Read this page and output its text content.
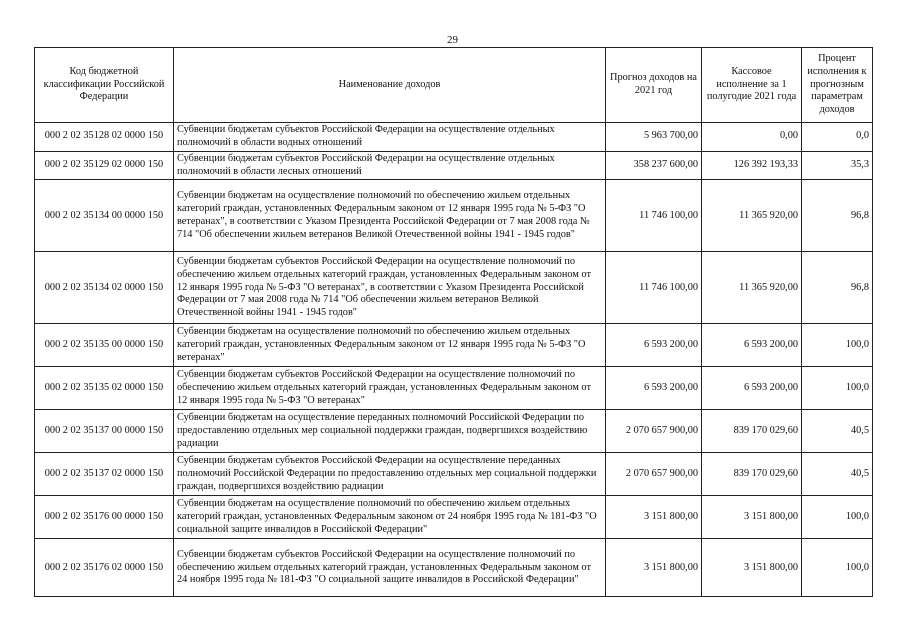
29
Код бюджетной классификации Российской Федерации	Наименование доходов	Прогноз доходов на 2021 год	Кассовое исполнение за 1 полугодие 2021 года	Процент исполнения к прогнозным параметрам доходов
000 2 02 35128 02 0000 150	Субвенции бюджетам субъектов Российской Федерации на осуществление отдельных полномочий в области водных отношений	5 963 700,00	0,00	0,0
000 2 02 35129 02 0000 150	Субвенции бюджетам субъектов Российской Федерации на осуществление отдельных полномочий в области лесных отношений	358 237 600,00	126 392 193,33	35,3
000 2 02 35134 00 0000 150	Субвенции бюджетам на осуществление полномочий по обеспечению жильем отдельных категорий граждан, установленных Федеральным законом от 12 января 1995 года № 5-ФЗ "О ветеранах", в соответствии с Указом Президента Российской Федерации от 7 мая 2008 года № 714 "Об обеспечении жильем ветеранов Великой Отечественной войны 1941 - 1945 годов"	11 746 100,00	11 365 920,00	96,8
000 2 02 35134 02 0000 150	Субвенции бюджетам субъектов Российской Федерации на осуществление полномочий по обеспечению жильем отдельных категорий граждан, установленных Федеральным законом от 12 января 1995 года № 5-ФЗ "О ветеранах", в соответствии с Указом Президента Российской Федерации от 7 мая 2008 года № 714 "Об обеспечении жильем ветеранов Великой Отечественной войны 1941 - 1945 годов"	11 746 100,00	11 365 920,00	96,8
000 2 02 35135 00 0000 150	Субвенции бюджетам на осуществление полномочий по обеспечению жильем отдельных категорий граждан, установленных Федеральным законом от 12 января 1995 года № 5-ФЗ "О ветеранах"	6 593 200,00	6 593 200,00	100,0
000 2 02 35135 02 0000 150	Субвенции бюджетам субъектов Российской Федерации на осуществление полномочий по обеспечению жильем отдельных категорий граждан, установленных Федеральным законом от 12 января 1995 года № 5-ФЗ "О ветеранах"	6 593 200,00	6 593 200,00	100,0
000 2 02 35137 00 0000 150	Субвенции бюджетам на осуществление переданных полномочий Российской Федерации по предоставлению отдельных мер социальной поддержки граждан, подвергшихся воздействию радиации	2 070 657 900,00	839 170 029,60	40,5
000 2 02 35137 02 0000 150	Субвенции бюджетам субъектов Российской Федерации на осуществление переданных полномочий Российской Федерации по предоставлению отдельных мер социальной поддержки граждан, подвергшихся воздействию радиации	2 070 657 900,00	839 170 029,60	40,5
000 2 02 35176 00 0000 150	Субвенции бюджетам на осуществление полномочий по обеспечению жильем отдельных категорий граждан, установленных Федеральным законом от 24 ноября 1995 года № 181-ФЗ "О социальной защите инвалидов в Российской Федерации"	3 151 800,00	3 151 800,00	100,0
000 2 02 35176 02 0000 150	Субвенции бюджетам субъектов Российской Федерации на осуществление полномочий по обеспечению жильем отдельных категорий граждан, установленных Федеральным законом от 24 ноября 1995 года № 181-ФЗ "О социальной защите инвалидов в Российской Федерации"	3 151 800,00	3 151 800,00	100,0
